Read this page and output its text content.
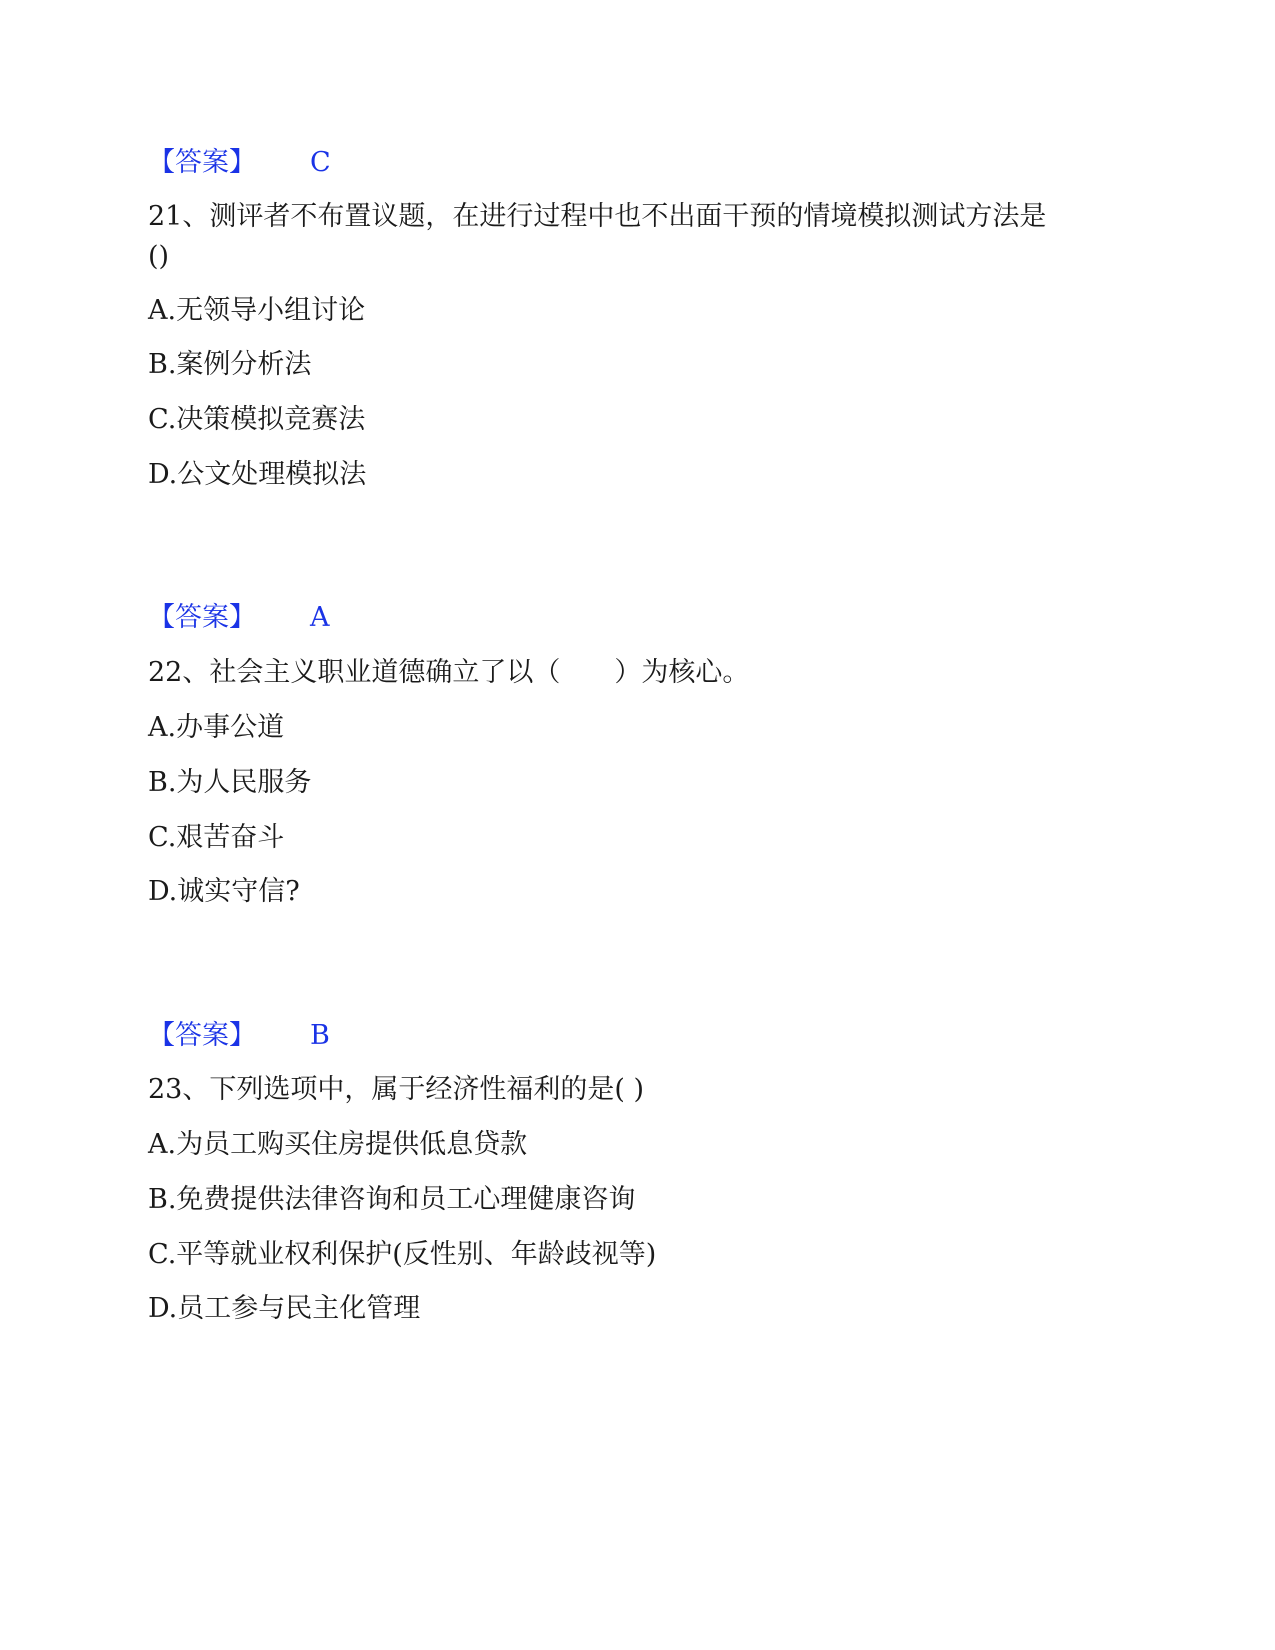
【答案】 C
21、测评者不布置议题，在进行过程中也不出面干预的情境模拟测试方法是
()
A.无领导小组讨论
B.案例分析法
C.决策模拟竞赛法
D.公文处理模拟法
【答案】 A
22、社会主义职业道德确立了以（　　）为核心。
A.办事公道
B.为人民服务
C.艰苦奋斗
D.诚实守信?
【答案】 B
23、下列选项中，属于经济性福利的是( )
A.为员工购买住房提供低息贷款
B.免费提供法律咨询和员工心理健康咨询
C.平等就业权利保护(反性别、年龄歧视等)
D.员工参与民主化管理
